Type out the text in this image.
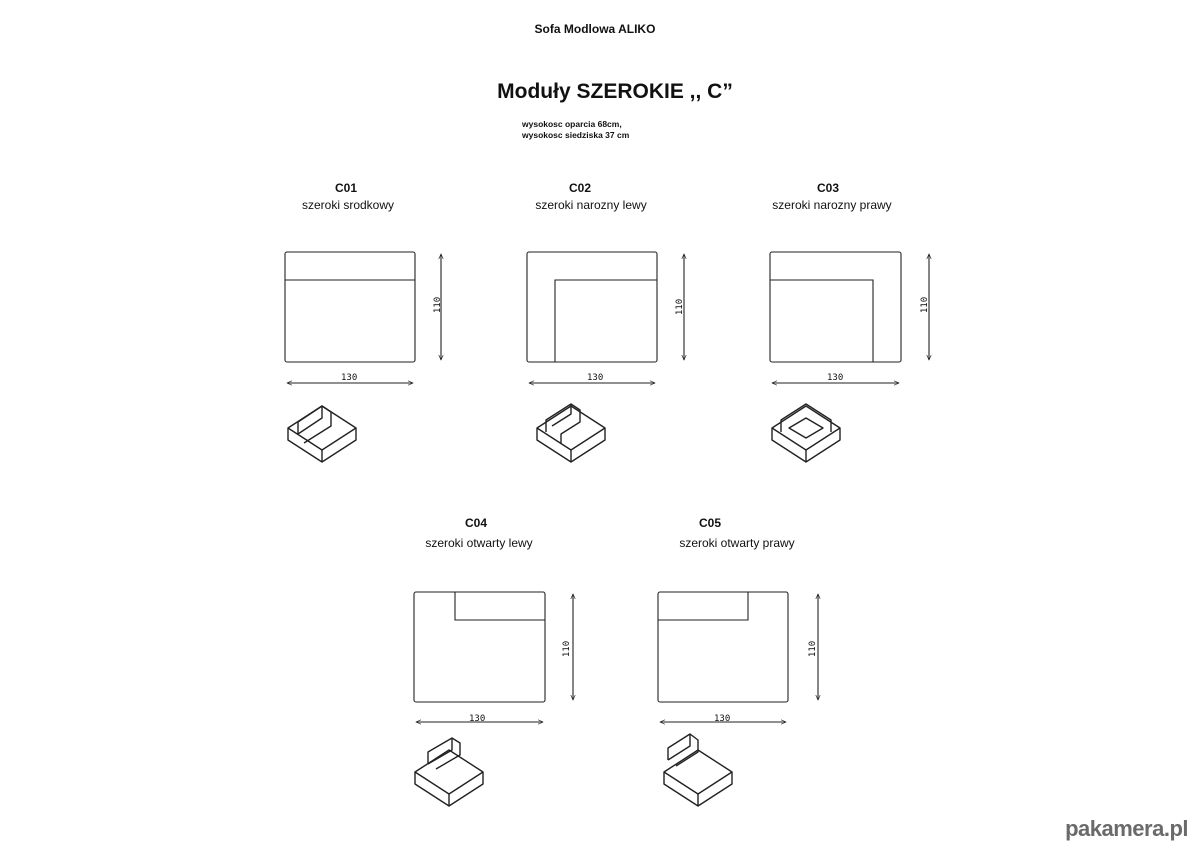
Sofa Modlowa ALIKO
Moduły SZEROKIE ,, C”
wysokosc oparcia 68cm,
wysokosc siedziska 37 cm
C01
szeroki srodkowy
C02
szeroki narozny lewy
C03
szeroki narozny prawy
C04
szeroki otwarty lewy
C05
szeroki otwarty prawy
130
110
130
110
130
110
130
110
130
110
pakamera.pl
